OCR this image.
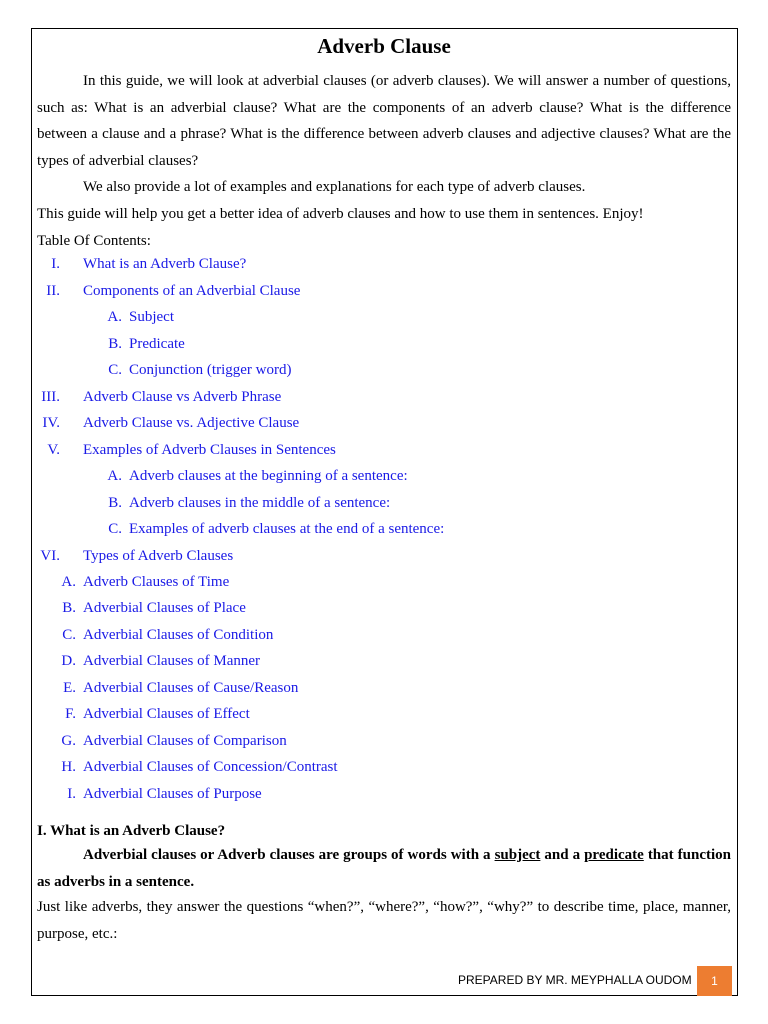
Adverb Clause
In this guide, we will look at adverbial clauses (or adverb clauses). We will answer a number of questions, such as: What is an adverbial clause? What are the components of an adverb clause? What is the difference between a clause and a phrase? What is the difference between adverb clauses and adjective clauses? What are the types of adverbial clauses?
We also provide a lot of examples and explanations for each type of adverb clauses.
This guide will help you get a better idea of adverb clauses and how to use them in sentences. Enjoy!
Table Of Contents:
I. What is an Adverb Clause?
II. Components of an Adverbial Clause
A. Subject
B. Predicate
C. Conjunction (trigger word)
III. Adverb Clause vs Adverb Phrase
IV. Adverb Clause vs. Adjective Clause
V. Examples of Adverb Clauses in Sentences
A. Adverb clauses at the beginning of a sentence:
B. Adverb clauses in the middle of a sentence:
C. Examples of adverb clauses at the end of a sentence:
VI. Types of Adverb Clauses
A. Adverb Clauses of Time
B. Adverbial Clauses of Place
C. Adverbial Clauses of Condition
D. Adverbial Clauses of Manner
E. Adverbial Clauses of Cause/Reason
F. Adverbial Clauses of Effect
G. Adverbial Clauses of Comparison
H. Adverbial Clauses of Concession/Contrast
I. Adverbial Clauses of Purpose
I. What is an Adverb Clause?
Adverbial clauses or Adverb clauses are groups of words with a subject and a predicate that function as adverbs in a sentence.
Just like adverbs, they answer the questions “when?”, “where?”, “how?”, “why?” to describe time, place, manner, purpose, etc.:
PREPARED BY MR. MEYPHALLA OUDOM	1
